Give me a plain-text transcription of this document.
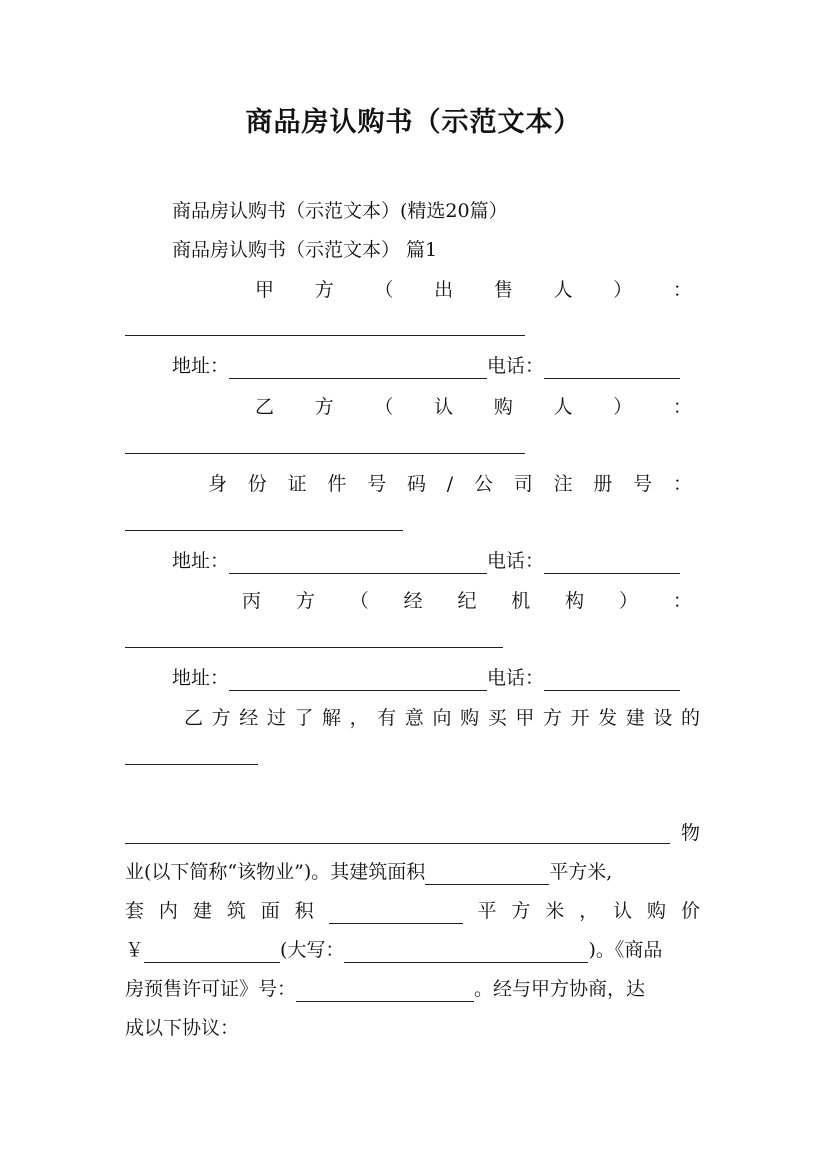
商品房认购书（示范文本）
商品房认购书（示范文本）(精选20篇）
商品房认购书（示范文本） 篇1
甲 方 （ 出 售 人 ） ：
地址：	电话：
乙 方 （ 认 购 人 ） ：
身 份 证 件 号 码 / 公 司 注 册 号 ：
地址：	电话：
丙 方 （ 经 纪 机 构 ） ：
地址：	电话：
乙 方 经 过 了 解 ， 有 意 向 购 买 甲 方 开 发 建 设 的
物
业(以下简称“该物业”)。其建筑面积	平方米,
套 内 建 筑 面 积	平 方 米 ， 认 购 价
￥	(大写：	)。《商品
房预售许可证》号：	。经与甲方协商，达
成以下协议：
